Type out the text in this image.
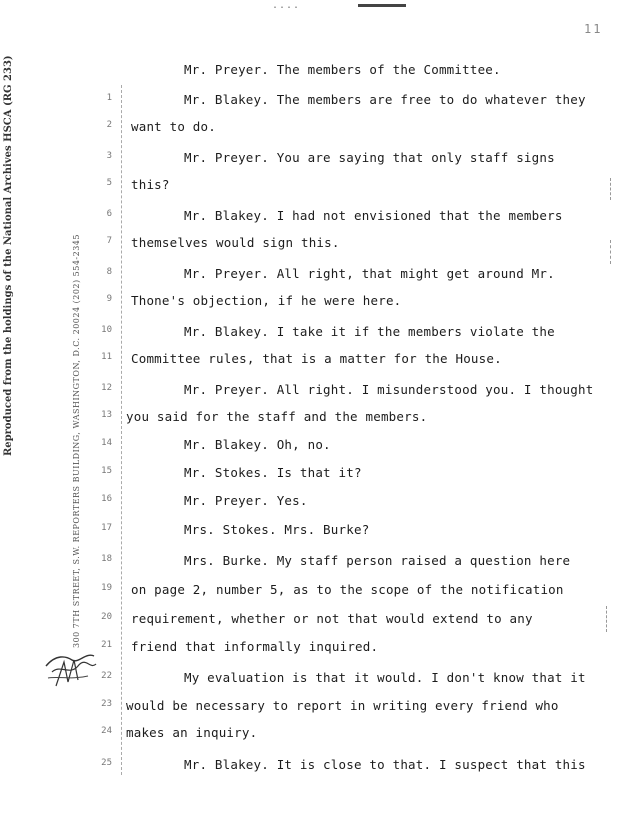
....
11
Reproduced from the holdings of the National Archives HSCA (RG 233)	300 7TH STREET, S.W. REPORTERS BUILDING, WASHINGTON, D.C. 20024 (202) 554-2345
Mr. Preyer. The members of the Committee.
1	Mr. Blakey. The members are free to do whatever they
2 want to do.
3	Mr. Preyer. You are saying that only staff signs
5 this?
6	Mr. Blakey. I had not envisioned that the members
7 themselves would sign this.
8	Mr. Preyer. All right, that might get around Mr.
9 Thone's objection, if he were here.
10	Mr. Blakey. I take it if the members violate the
11 Committee rules, that is a matter for the House.
12	Mr. Preyer. All right. I misunderstood you. I thought
13 you said for the staff and the members.
14	Mr. Blakey. Oh, no.
15	Mr. Stokes. Is that it?
16	Mr. Preyer. Yes.
17	Mrs. Stokes. Mrs. Burke?
18	Mrs. Burke. My staff person raised a question here
19 on page 2, number 5, as to the scope of the notification
20 requirement, whether or not that would extend to any
21 friend that informally inquired.
22	My evaluation is that it would. I don't know that it
23 would be necessary to report in writing every friend who
24 makes an inquiry.
25	Mr. Blakey. It is close to that. I suspect that this
